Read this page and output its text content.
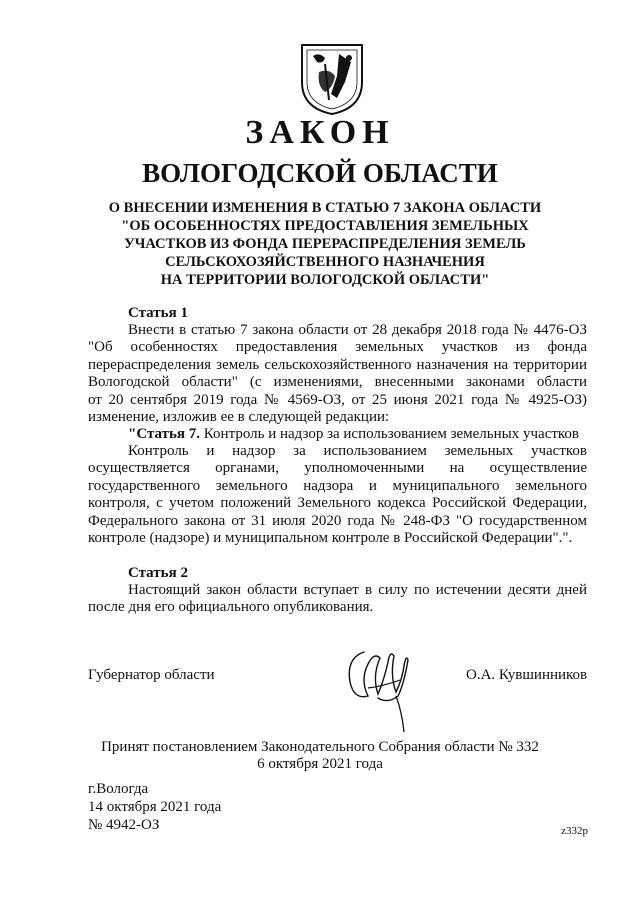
ЗАКОН
ВОЛОГОДСКОЙ ОБЛАСТИ
О ВНЕСЕНИИ ИЗМЕНЕНИЯ В СТАТЬЮ 7 ЗАКОНА ОБЛАСТИ
"ОБ ОСОБЕННОСТЯХ ПРЕДОСТАВЛЕНИЯ ЗЕМЕЛЬНЫХ
УЧАСТКОВ ИЗ ФОНДА ПЕРЕРАСПРЕДЕЛЕНИЯ ЗЕМЕЛЬ
СЕЛЬСКОХОЗЯЙСТВЕННОГО НАЗНАЧЕНИЯ
НА ТЕРРИТОРИИ ВОЛОГОДСКОЙ ОБЛАСТИ"
Статья 1
Внести в статью 7 закона области от 28 декабря 2018 года № 4476-ОЗ
"Об особенностях предоставления земельных участков из фонда
перераспределения земель сельскохозяйственного назначения на территории
Вологодской области" (с изменениями, внесенными законами области
от 20 сентября 2019 года № 4569-ОЗ, от 25 июня 2021 года № 4925-ОЗ)
изменение, изложив ее в следующей редакции:
"Статья 7. Контроль и надзор за использованием земельных участков
Контроль и надзор за использованием земельных участков
осуществляется органами, уполномоченными на осуществление
государственного земельного надзора и муниципального земельного
контроля, с учетом положений Земельного кодекса Российской Федерации,
Федерального закона от 31 июля 2020 года № 248-ФЗ "О государственном
контроле (надзоре) и муниципальном контроле в Российской Федерации".".
Статья 2
Настоящий закон области вступает в силу по истечении десяти дней
после дня его официального опубликования.
Губернатор области	О.А. Кувшинников
Принят постановлением Законодательного Собрания области № 332
6 октября 2021 года
г.Вологда
14 октября 2021 года
№ 4942-ОЗ	z332р
